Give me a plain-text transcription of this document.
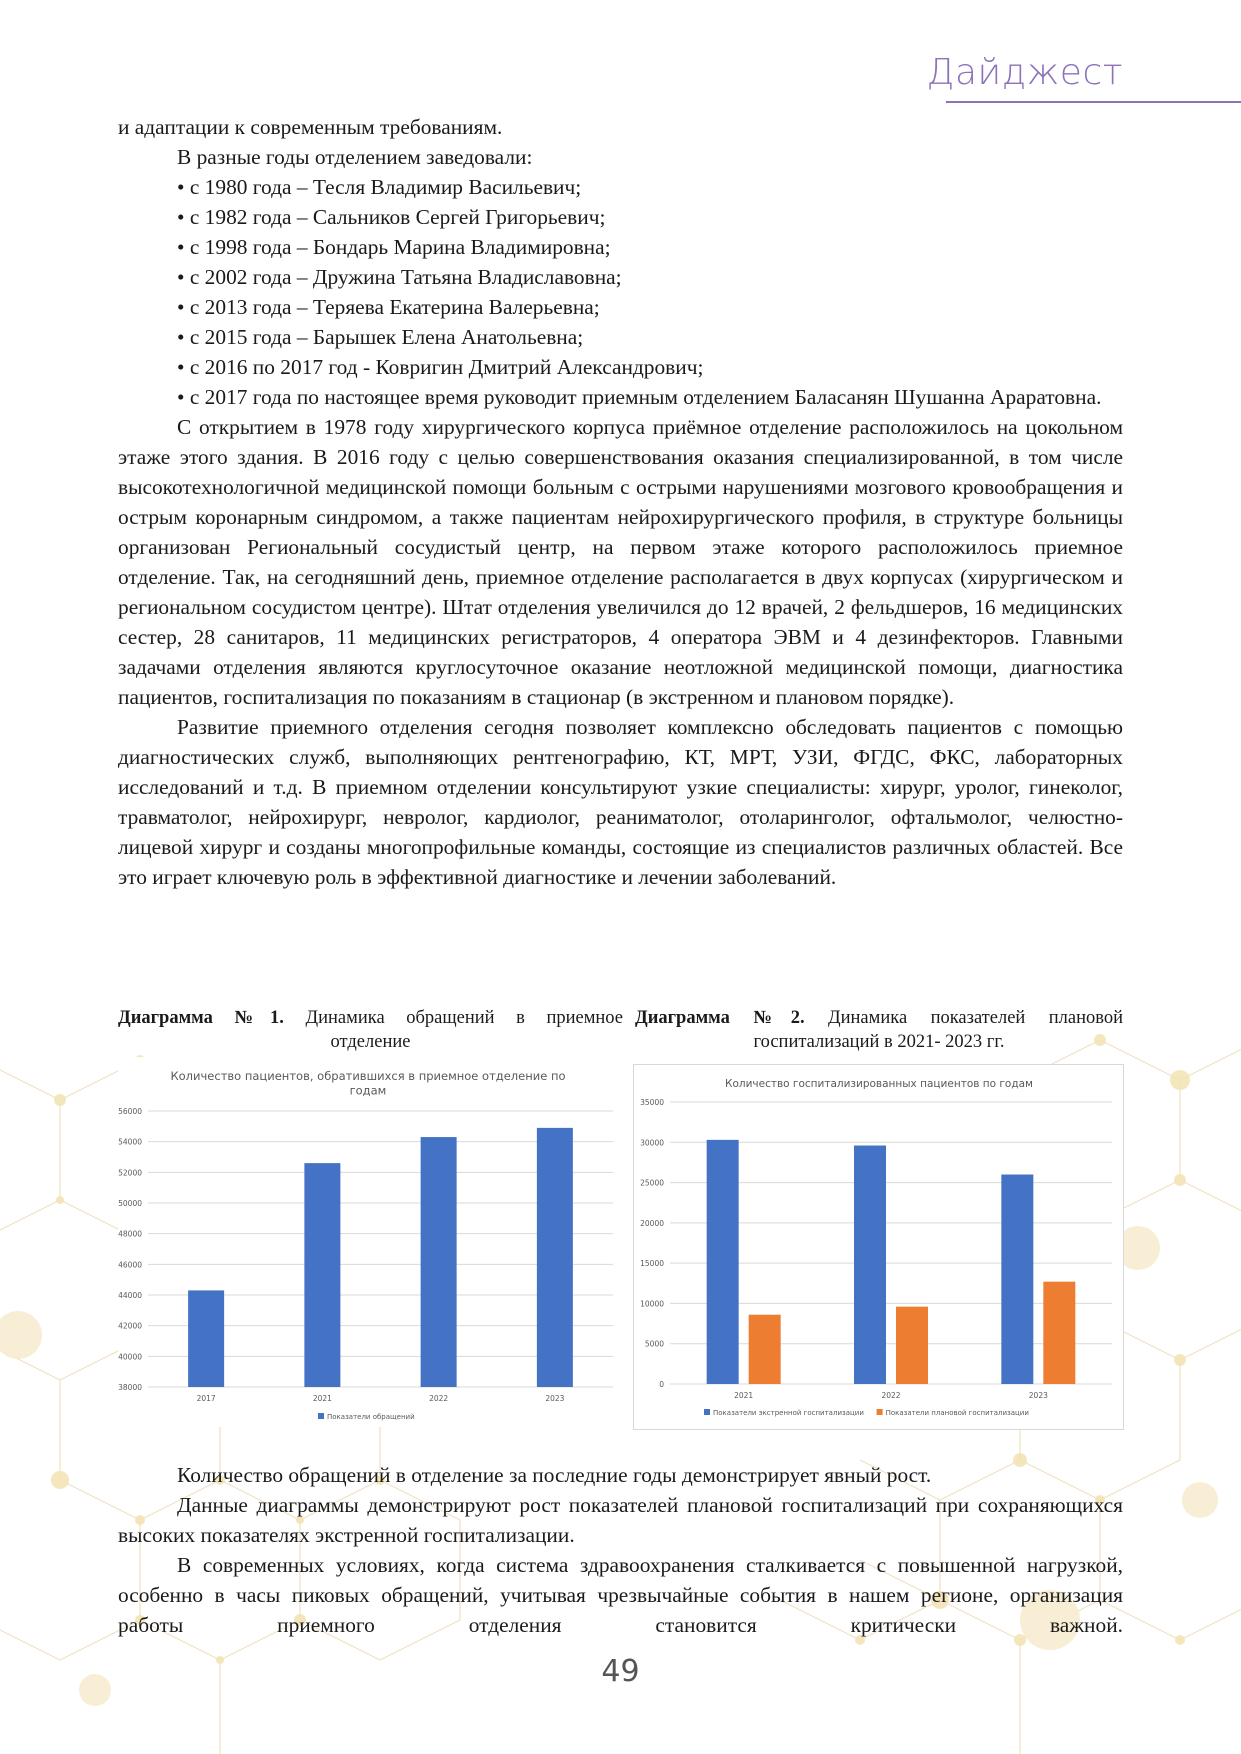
Дайджест

и адаптации к современным требованиям.

В разные годы отделением заведовали:

• с 1980 года – Тесля Владимир Васильевич;

• с 1982 года – Сальников Сергей Григорьевич;

• с 1998 года – Бондарь Марина Владимировна;

• с 2002 года – Дружина Татьяна Владиславовна;

• с 2013 года – Теряева Екатерина Валерьевна;

• с 2015 года – Барышек Елена Анатольевна;

• с 2016 по 2017 год - Ковригин Дмитрий Александрович;

• с 2017 года по настоящее время руководит приемным отделением Баласанян Шушанна Араратовна.

С открытием в 1978 году хирургического корпуса приёмное отделение расположилось на цокольном этаже этого здания. В 2016 году с целью совершенствования оказания специализированной, в том числе высокотехнологичной медицинской помощи больным с острыми нарушениями мозгового кровообращения и острым коронарным синдромом, а также пациентам нейрохирургического профиля, в структуре больницы организован Региональный сосудистый центр, на первом этаже которого расположилось приемное отделение. Так, на сегодняшний день, приемное отделение располагается в двух корпусах (хирургическом и региональном сосудистом центре). Штат отделения увеличился до 12 врачей, 2 фельдшеров, 16 медицинских сестер, 28 санитаров, 11 медицинских регистраторов, 4 оператора ЭВМ и 4 дезинфекторов. Главными задачами отделения являются круглосуточное оказание неотложной медицинской помощи, диагностика пациентов, госпитализация по показаниям в стационар (в экстренном и плановом порядке).

Развитие приемного отделения сегодня позволяет комплексно обследовать пациентов с помощью диагностических служб, выполняющих рентгенографию, КТ, МРТ, УЗИ, ФГДС, ФКС, лабораторных исследований и т.д. В приемном отделении консультируют узкие специалисты: хирург, уролог, гинеколог, травматолог, нейрохирург, невролог, кардиолог, реаниматолог, отоларинголог, офтальмолог, челюстно-лицевой хирург и созданы многопрофильные команды, состоящие из специалистов различных областей. Все это играет ключевую роль в эффективной диагностике и лечении заболеваний.

Диаграмма №1. Динамика обращений в приемное
отделение
Диаграмма №2. Динамика показателей плановой
госпитализаций в 2021- 2023 гг.
Количество пациентов, обратившихся в приемное отделение по
годам
56000
54000
52000
50000
48000
46000
44000
42000
40000
38000
2017	2021	2022	2023
Показатели обращений
Количество госпитализированных пациентов по годам
35000
30000
25000
20000
15000
10000
5000
0
2021	2022	2023
Показатели экстренной госпитализации	Показатели плановой госпитализации

Количество обращений в отделение за последние годы демонстрирует явный рост.

Данные диаграммы демонстрируют рост показателей плановой госпитализаций при сохраняющихся высоких показателях экстренной госпитализации.

В современных условиях, когда система здравоохранения сталкивается с повышенной нагрузкой, особенно в часы пиковых обращений, учитывая чрезвычайные события в нашем регионе, организация работы приемного отделения становится критически важной.

49
